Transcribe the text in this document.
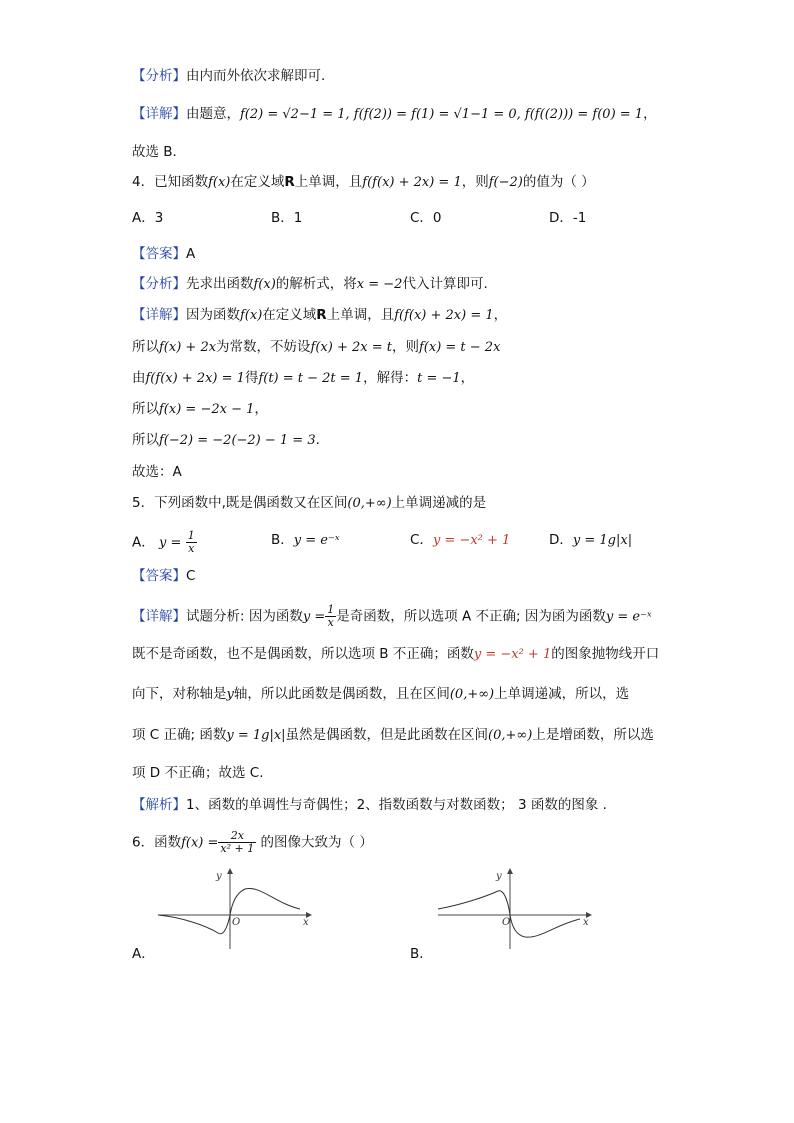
【分析】由内而外依次求解即可.
【详解】由题意，f(2) = √2−1 = 1, f(f(2)) = f(1) = √1−1 = 0, f(f((2))) = f(0) = 1，
故选 B．
4．已知函数f(x)在定义域R上单调，且f(f(x) + 2x) = 1，则f(−2)的值为（ ）
A．3	B．1	C．0	D．-1
【答案】A
【分析】先求出函数f(x)的解析式，将x = −2代入计算即可.
【详解】因为函数f(x)在定义域R上单调，且f(f(x) + 2x) = 1，
所以f(x) + 2x为常数，不妨设f(x) + 2x = t，则f(x) = t − 2x
由f(f(x) + 2x) = 1得f(t) = t − 2t = 1，解得：t = −1，
所以f(x) = −2x − 1，
所以f(−2) = −2(−2) − 1 = 3.
故选：A
5．下列函数中,既是偶函数又在区间(0,+∞)上单调递减的是
A． $y = \frac{1}{x}$	B．y = e⁻ˣ	C．y = −x² + 1	D．y = 1g|x|
【答案】C
【详解】试题分析: 因为函数$y = \frac{1}{x}$ 是奇函数，所以选项 A 不正确; 因为函为函数y = e⁻ˣ
既不是奇函数，也不是偶函数，所以选项 B 不正确；函数y = −x² + 1的图象抛物线开口
向下，对称轴是y轴，所以此函数是偶函数，且在区间(0,+∞)上单调递减，所以，选
项 C 正确; 函数y = 1g|x|虽然是偶函数，但是此函数在区间(0,+∞)上是增函数，所以选
项 D 不正确；故选 C.
【解析】1、函数的单调性与奇偶性；2、指数函数与对数函数； 3 函数的图象 .
6．函数$f(x) = \frac{2x}{\text{x² + 1}}$ 的图像大致为（ ）
y
x
O
A．
y
x
O
B．
